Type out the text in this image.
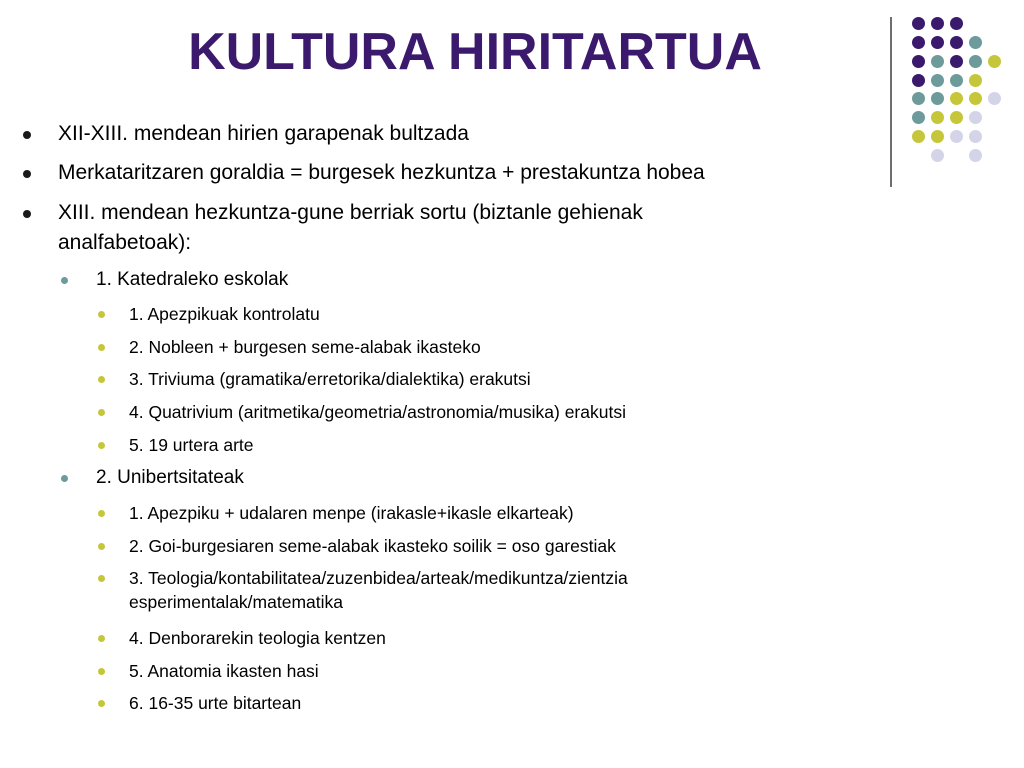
KULTURA HIRITARTUA
XII-XIII. mendean hirien garapenak bultzada
Merkataritzaren goraldia = burgesek hezkuntza + prestakuntza hobea
XIII. mendean hezkuntza-gune berriak sortu (biztanle gehienak
analfabetoak):
1. Katedraleko eskolak
1. Apezpikuak kontrolatu
2. Nobleen + burgesen seme-alabak ikasteko
3. Triviuma (gramatika/erretorika/dialektika) erakutsi
4. Quatrivium (aritmetika/geometria/astronomia/musika) erakutsi
5. 19 urtera arte
2. Unibertsitateak
1. Apezpiku + udalaren menpe (irakasle+ikasle elkarteak)
2. Goi-burgesiaren seme-alabak ikasteko soilik = oso garestiak
3. Teologia/kontabilitatea/zuzenbidea/arteak/medikuntza/zientzia
esperimentalak/matematika
4. Denborarekin teologia kentzen
5. Anatomia ikasten hasi
6. 16-35 urte bitartean
